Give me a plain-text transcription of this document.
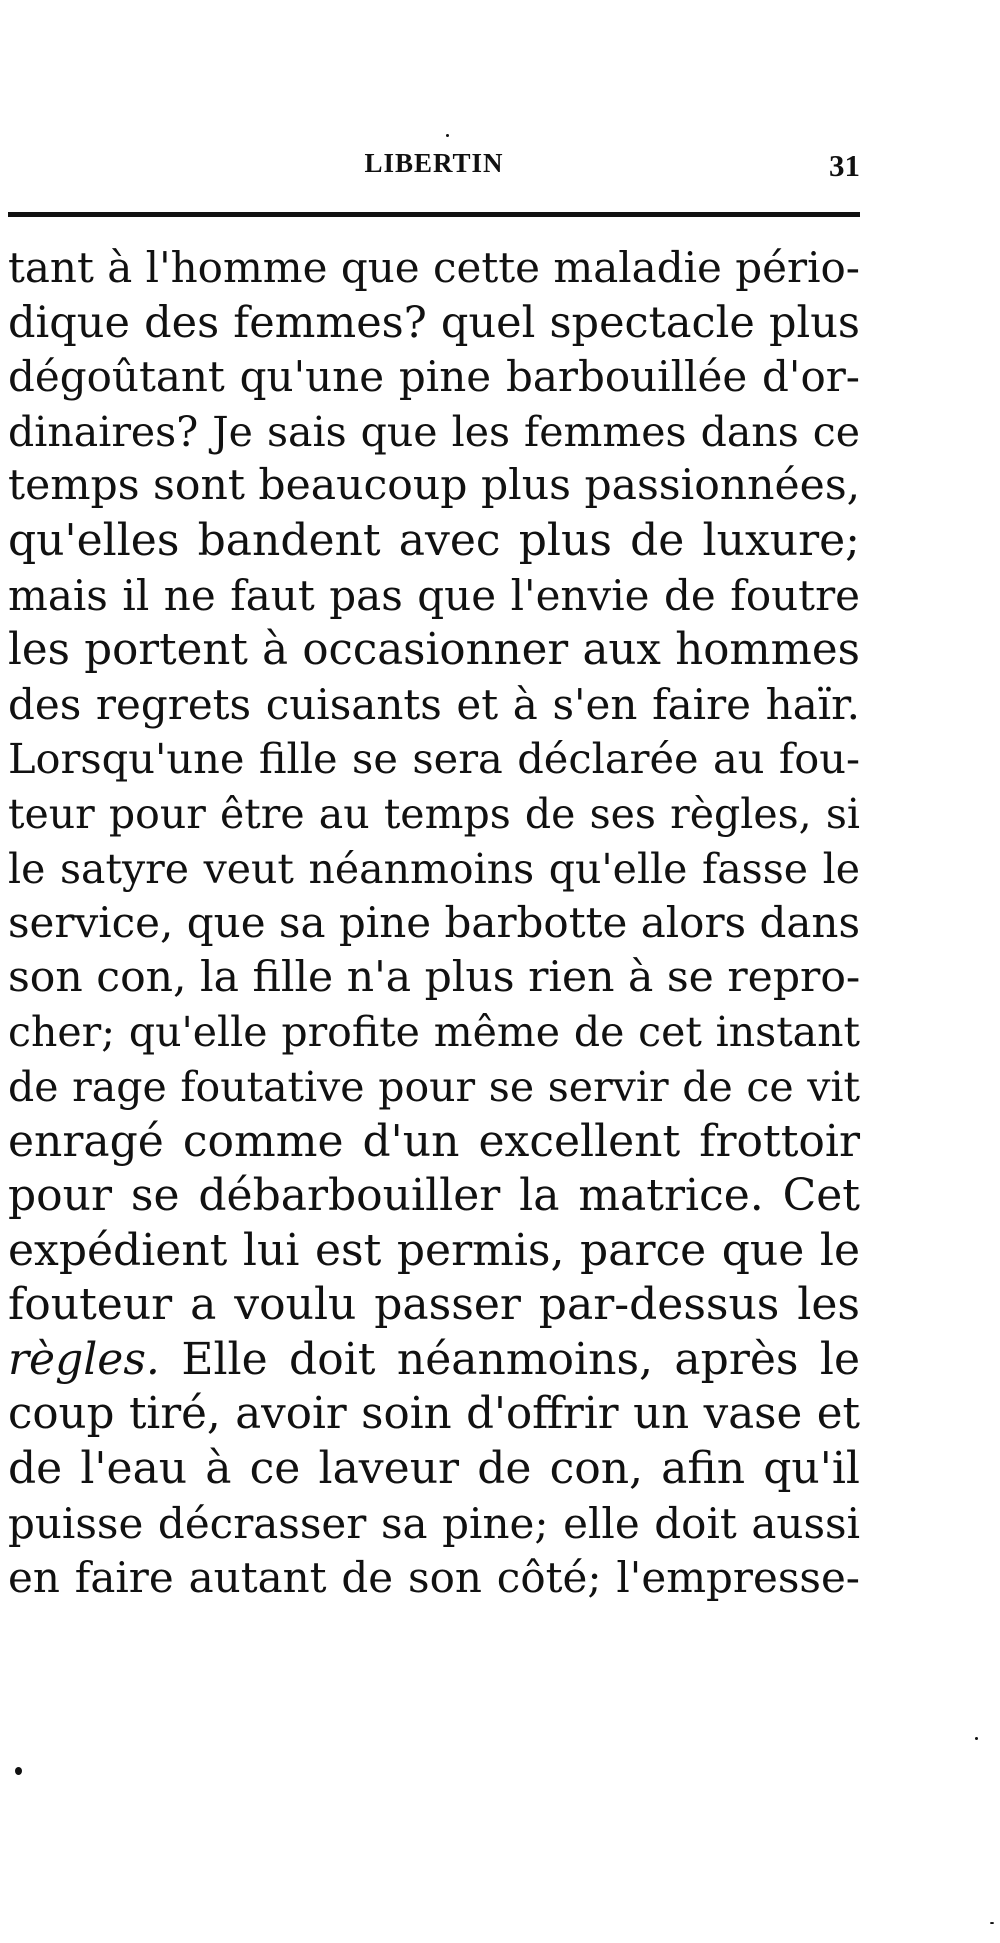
LIBERTIN	31
tant à l'homme que cette maladie pério-
dique des femmes? quel spectacle plus
dégoûtant qu'une pine barbouillée d'or-
dinaires? Je sais que les femmes dans ce
temps sont beaucoup plus passionnées,
qu'elles bandent avec plus de luxure;
mais il ne faut pas que l'envie de foutre
les portent à occasionner aux hommes
des regrets cuisants et à s'en faire haïr.
Lorsqu'une fille se sera déclarée au fou-
teur pour être au temps de ses règles, si
le satyre veut néanmoins qu'elle fasse le
service, que sa pine barbotte alors dans
son con, la fille n'a plus rien à se repro-
cher; qu'elle profite même de cet instant
de rage foutative pour se servir de ce vit
enragé comme d'un excellent frottoir
pour se débarbouiller la matrice. Cet
expédient lui est permis, parce que le
fouteur a voulu passer par-dessus les
règles. Elle doit néanmoins, après le
coup tiré, avoir soin d'offrir un vase et
de l'eau à ce laveur de con, afin qu'il
puisse décrasser sa pine; elle doit aussi
en faire autant de son côté; l'empresse-
